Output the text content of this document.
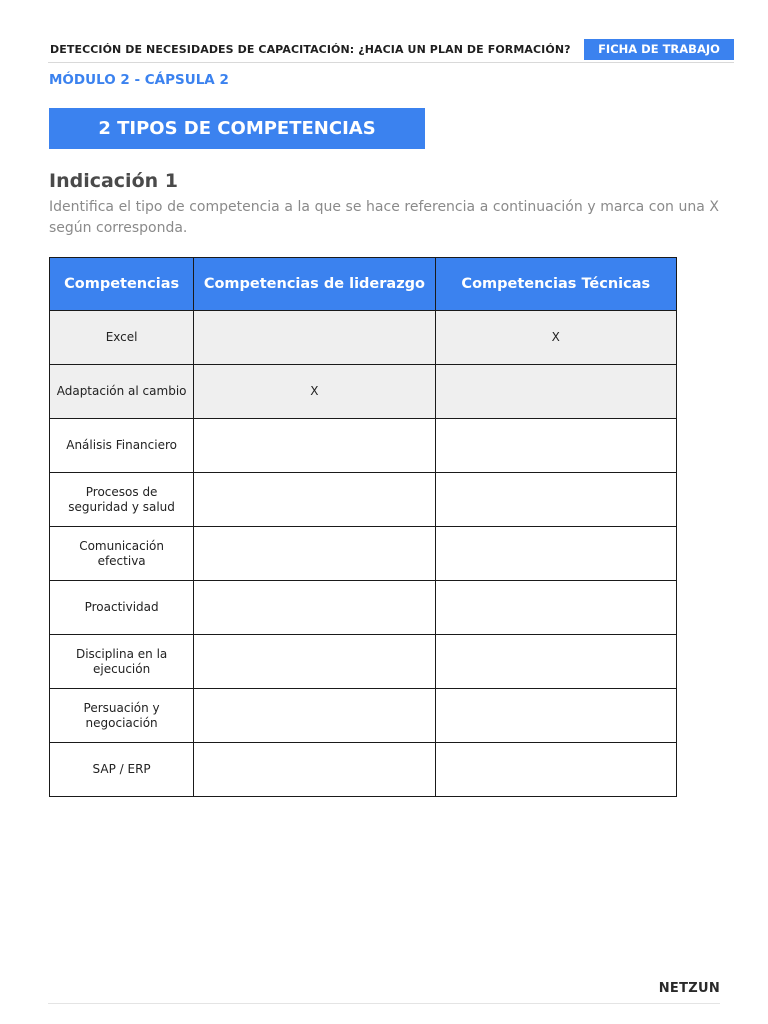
DETECCIÓN DE NECESIDADES DE CAPACITACIÓN: ¿HACIA UN PLAN DE FORMACIÓN?	FICHA DE TRABAJO
MÓDULO 2 - CÁPSULA 2
2 TIPOS DE COMPETENCIAS
Indicación 1
Identifica el tipo de competencia a la que se hace referencia a continuación y marca con una X según corresponda.
Competencias	Competencias de liderazgo	Competencias Técnicas
Excel		X
Adaptación al cambio	X	
Análisis Financiero		
Procesos de seguridad y salud		
Comunicación efectiva		
Proactividad		
Disciplina en la ejecución		
Persuación y negociación		
SAP / ERP		
NETZUN
